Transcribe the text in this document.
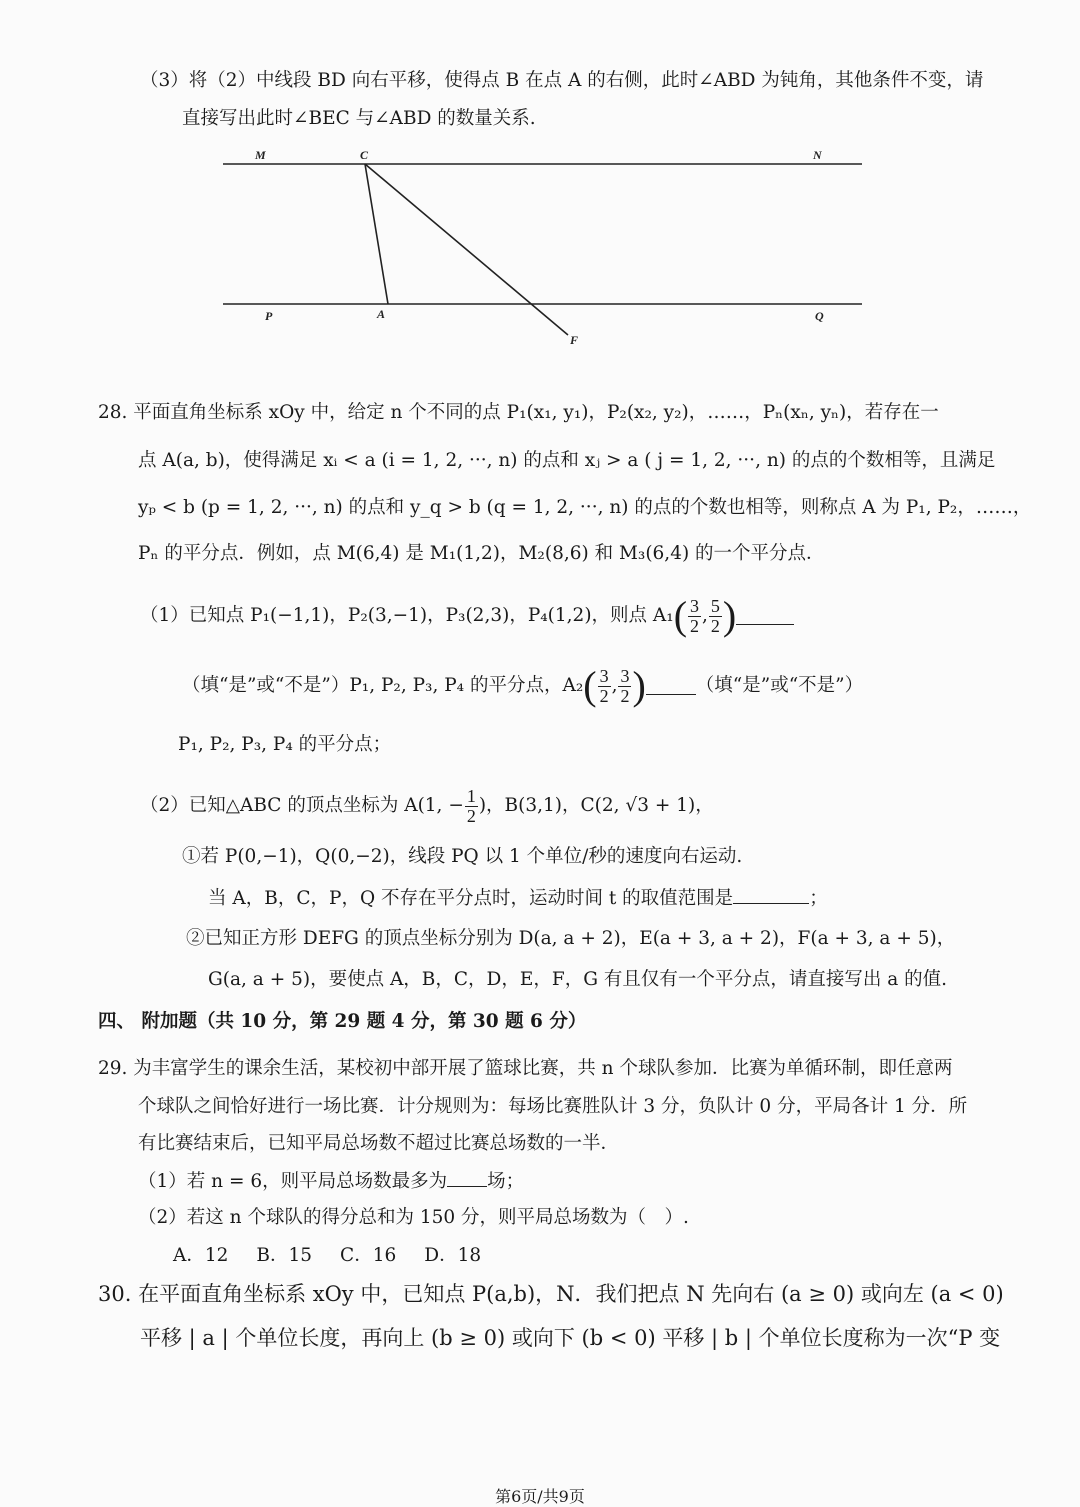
（3）将（2）中线段 BD 向右平移，使得点 B 在点 A 的右侧，此时∠ABD 为钝角，其他条件不变，请
直接写出此时∠BEC 与∠ABD 的数量关系.
M	C	N
P	A	Q
F
28. 平面直角坐标系 xOy 中，给定 n 个不同的点 P₁(x₁, y₁)，P₂(x₂, y₂)，……，Pₙ(xₙ, yₙ)，若存在一
点 A(a, b)，使得满足 xᵢ < a (i = 1, 2, ···, n) 的点和 xⱼ > a ( j = 1, 2, ···, n) 的点的个数相等，且满足
yₚ < b (p = 1, 2, ···, n) 的点和 y_q > b (q = 1, 2, ···, n) 的点的个数也相等，则称点 A 为 P₁, P₂，……，
Pₙ 的平分点．例如，点 M(6,4) 是 M₁(1,2)，M₂(8,6) 和 M₃(6,4) 的一个平分点．
（1）已知点 P₁(−1,1)，P₂(3,−1)，P₃(2,3)，P₄(1,2)，则点 A₁ ( $\frac{3}{2}$ , $\frac{5}{2}$ )
（填“是”或“不是”）P₁, P₂, P₃, P₄ 的平分点，A₂ ( $\frac{3}{2}$ , $\frac{3}{2}$ )	（填“是”或“不是”）
P₁, P₂, P₃, P₄ 的平分点；
（2）已知△ABC 的顶点坐标为 A(1, − $\frac{1}{2}$ )，B(3,1)，C(2, √3 + 1)，
①若 P(0,−1)，Q(0,−2)，线段 PQ 以 1 个单位/秒的速度向右运动.
当 A，B，C，P，Q 不存在平分点时，运动时间 t 的取值范围是	；
②已知正方形 DEFG 的顶点坐标分别为 D(a, a + 2)，E(a + 3, a + 2)，F(a + 3, a + 5)，
G(a, a + 5)，要使点 A，B，C，D，E，F，G 有且仅有一个平分点，请直接写出 a 的值.
四、 附加题（共 10 分，第 29 题 4 分，第 30 题 6 分）
29. 为丰富学生的课余生活，某校初中部开展了篮球比赛，共 n 个球队参加．比赛为单循环制，即任意两
个球队之间恰好进行一场比赛．计分规则为：每场比赛胜队计 3 分，负队计 0 分，平局各计 1 分．所
有比赛结束后，已知平局总场数不超过比赛总场数的一半．
（1）若 n = 6，则平局总场数最多为 场；
（2）若这 n 个球队的得分总和为 150 分，则平局总场数为（　）.
A．12 B．15 C．16 D．18
30. 在平面直角坐标系 xOy 中，已知点 P(a,b)，N．我们把点 N 先向右 (a ≥ 0) 或向左 (a < 0)
平移 | a | 个单位长度，再向上 (b ≥ 0) 或向下 (b < 0) 平移 | b | 个单位长度称为一次“P 变
第6页/共9页
